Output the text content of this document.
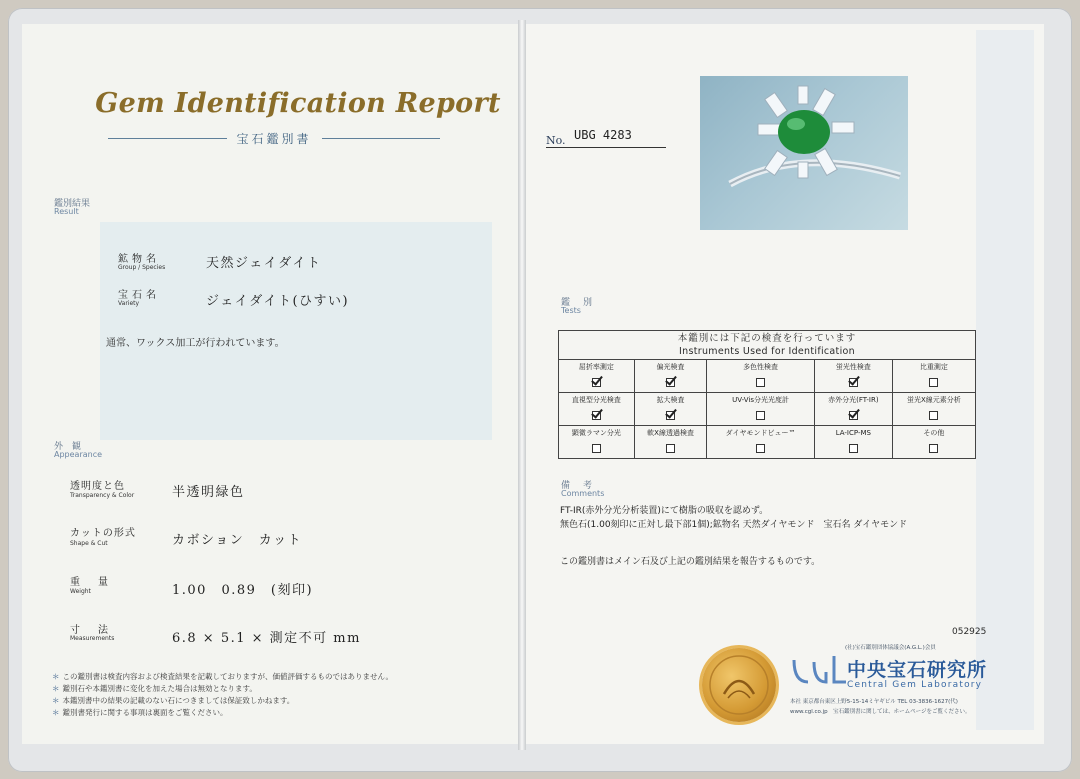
Gem Identification Report
宝石鑑別書
鑑別結果
Result
鉱物名
Group / Species	天然ジェイダイト
宝石名
Variety	ジェイダイト(ひすい)
通常、ワックス加工が行われています。
外　観
Appearance
透明度と色
Transparency & Color	半透明緑色
カットの形式
Shape & Cut	カボション　カット
重　量
Weight	1.00　0.89　(刻印)
寸　法
Measurements	6.8 × 5.1 × 測定不可 mm
＊ この鑑別書は検査内容および検査結果を記載しておりますが、価値評価するものではありません。
＊ 鑑別石や本鑑別書に変化を加えた場合は無効となります。
＊ 本鑑別書中の結果の記載のない石につきましては保証致しかねます。
＊ 鑑別書発行に関する事項は裏面をご覧ください。
No. UBG 4283
鑑　別
Tests
本鑑別には下記の検査を行っています
Instruments Used for Identification				

屈折率測定	偏光検査	多色性検査	蛍光性検査	比重測定

直視型分光検査	拡大検査	UV-Vis分光光度計	赤外分光(FT-IR)	蛍光X線元素分析

顕微ラマン分光	軟X線透過検査	ダイヤモンドビュー™	LA-ICP-MS	その他
備　考
Comments
FT-IR(赤外分光分析装置)にて樹脂の吸収を認めず。
無色石(1.00刻印に正対し最下部1個);鉱物名 天然ダイヤモンド　宝石名 ダイヤモンド
この鑑別書はメイン石及び上記の鑑別結果を報告するものです。
052925
(社)宝石鑑別団体協議会(A.G.L.)会員
中央宝石研究所
Central Gem Laboratory
本社 東京都台東区上野5-15-14ミヤギビル TEL 03-3836-1627(代)
www.cgl.co.jp　宝石鑑別書に関しては、ホームページをご覧ください。
